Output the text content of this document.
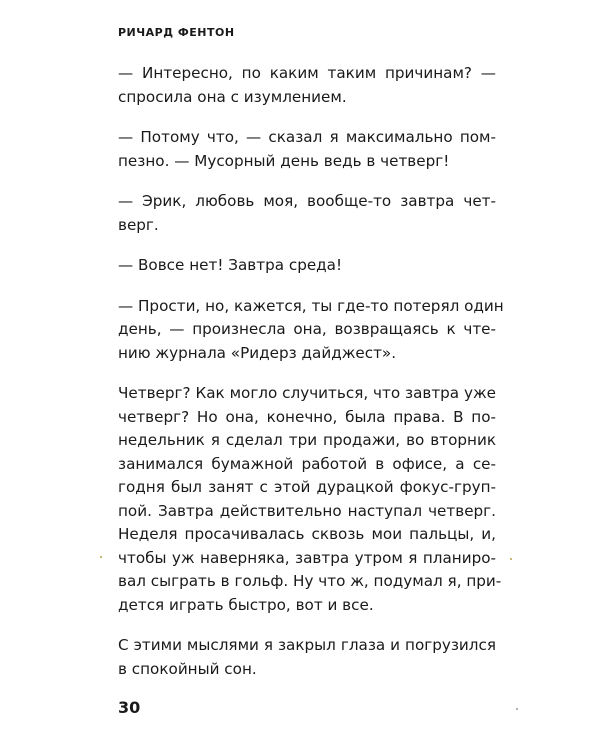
РИЧАРД ФЕНТОН

— Интересно, по каким таким причинам? —
спросила она с изумлением.

— Потому что, — сказал я максимально пом-
пезно. — Мусорный день ведь в четверг!

— Эрик, любовь моя, вообще-то завтра чет-
верг.

— Вовсе нет! Завтра среда!

— Прости, но, кажется, ты где-то потерял один
день, — произнесла она, возвращаясь к чте-
нию журнала «Ридерз дайджест».

Четверг? Как могло случиться, что завтра уже
четверг? Но она, конечно, была права. В по-
недельник я сделал три продажи, во вторник
занимался бумажной работой в офисе, а се-
годня был занят с этой дурацкой фокус-груп-
пой. Завтра действительно наступал четверг.
Неделя просачивалась сквозь мои пальцы, и,
чтобы уж наверняка, завтра утром я планиро-
вал сыграть в гольф. Ну что ж, подумал я, при-
дется играть быстро, вот и все.

С этими мыслями я закрыл глаза и погрузился
в спокойный сон.

30
